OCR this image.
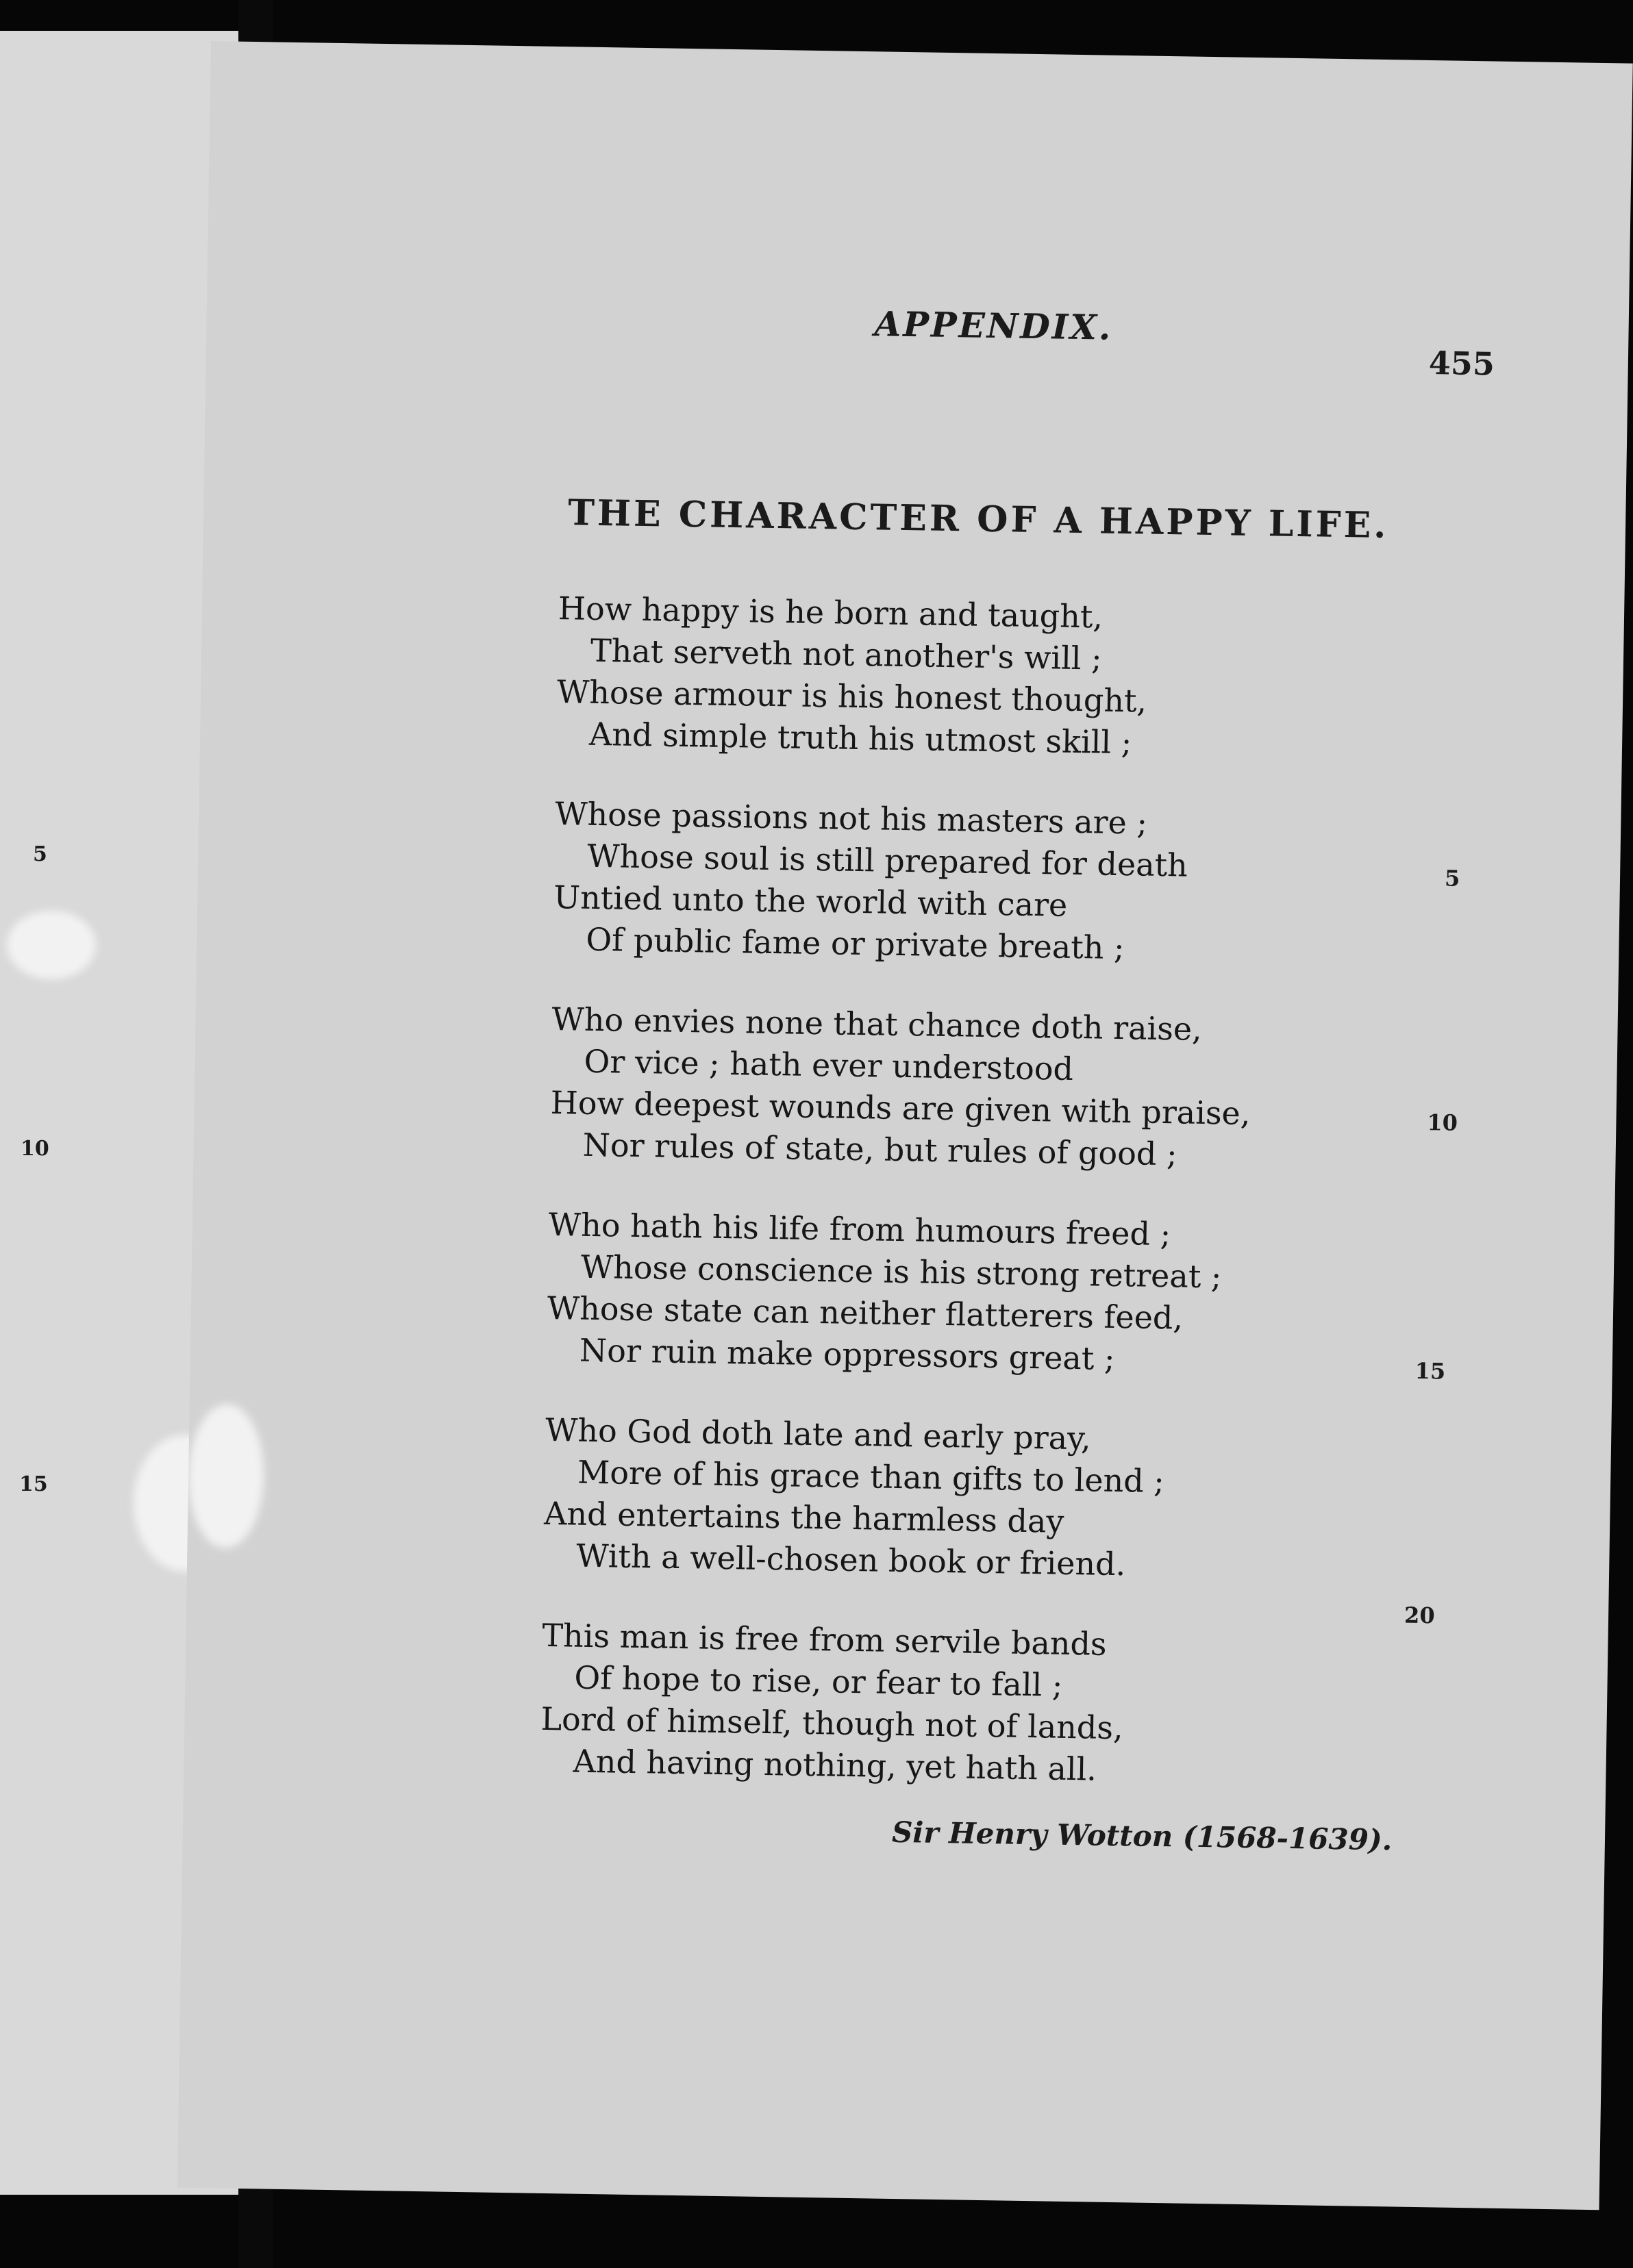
5
10
15
APPENDIX.
455
THE CHARACTER OF A HAPPY LIFE.
How happy is he born and taught,
That serveth not another's will ;
Whose armour is his honest thought,
And simple truth his utmost skill ;
Whose passions not his masters are ;
Whose soul is still prepared for death
Untied unto the world with care
Of public fame or private breath ;
Who envies none that chance doth raise,
Or vice ; hath ever understood
How deepest wounds are given with praise,
Nor rules of state, but rules of good ;
Who hath his life from humours freed ;
Whose conscience is his strong retreat ;
Whose state can neither flatterers feed,
Nor ruin make oppressors great ;
Who God doth late and early pray,
More of his grace than gifts to lend ;
And entertains the harmless day
With a well-chosen book or friend.
This man is free from servile bands
Of hope to rise, or fear to fall ;
Lord of himself, though not of lands,
And having nothing, yet hath all.
5
10
15
20
Sir Henry Wotton (1568-1639).
